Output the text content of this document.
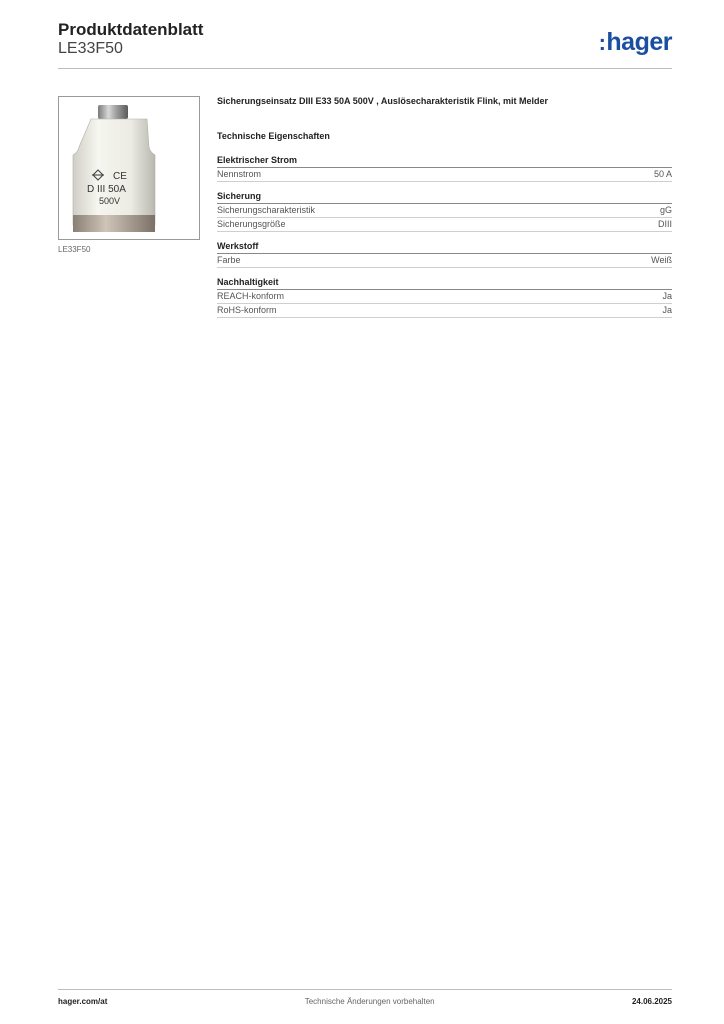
Produktdatenblatt
LE33F50	:hager
CE
D III 50A
500V
LE33F50
Sicherungseinsatz DIII E33 50A 500V , Auslösecharakteristik Flink, mit Melder
Technische Eigenschaften
Elektrischer Strom
Nennstrom	50 A
Sicherung
Sicherungscharakteristik	gG
Sicherungsgröße	DIII
Werkstoff
Farbe	Weiß
Nachhaltigkeit
REACH-konform	Ja
RoHS-konform	Ja
hager.com/at	Technische Änderungen vorbehalten	24.06.2025
